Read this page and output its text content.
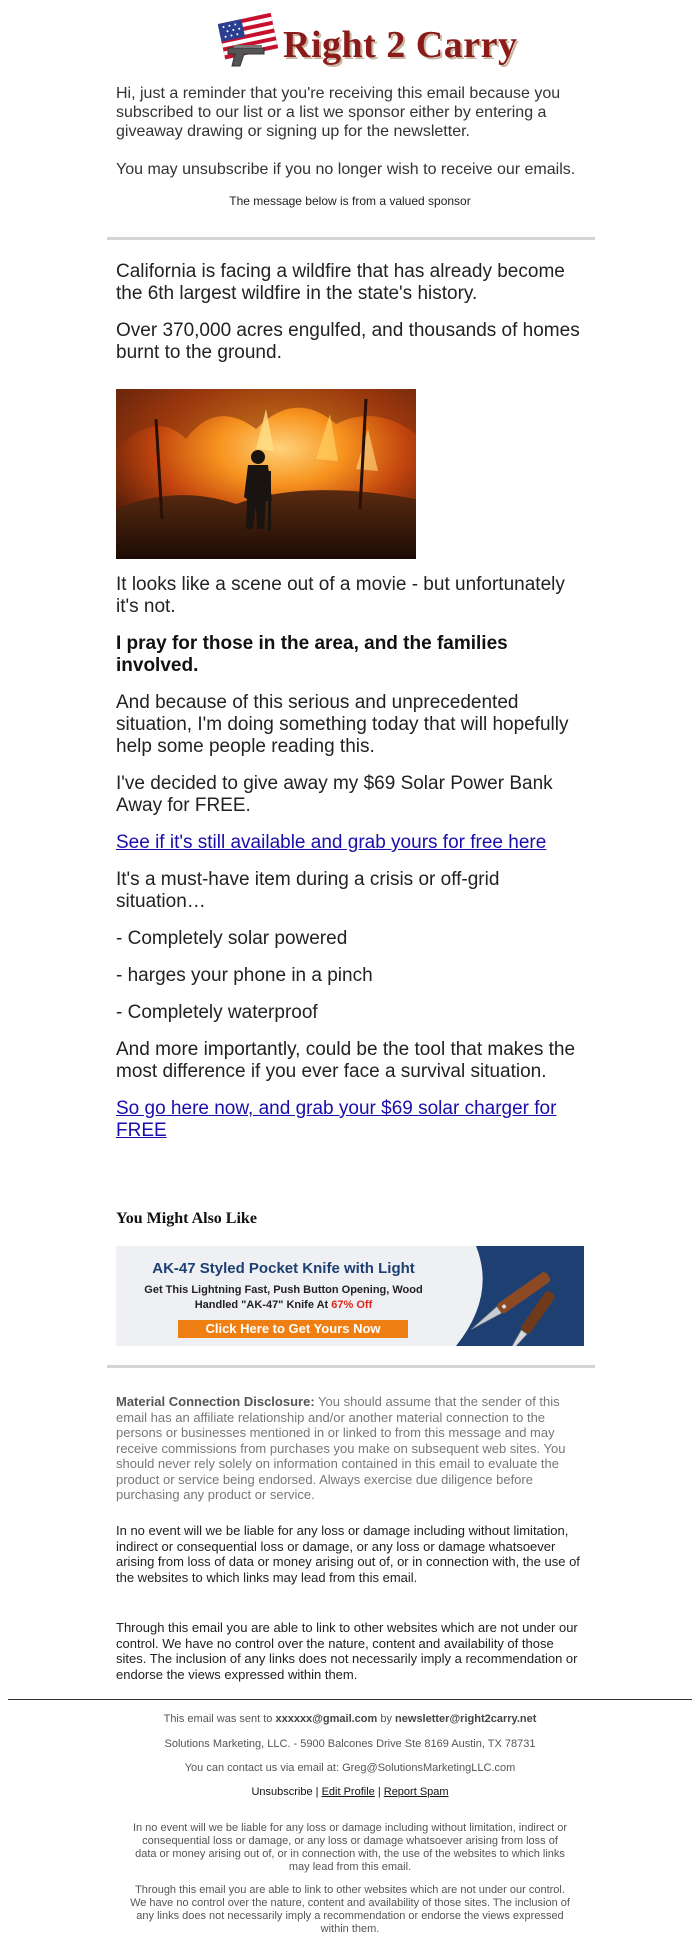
Right 2 Carry

Hi, just a reminder that you're receiving this email because you subscribed to our list or a list we sponsor either by entering a giveaway drawing or signing up for the newsletter.

You may unsubscribe if you no longer wish to receive our emails.

The message below is from a valued sponsor
California is facing a wildfire that has already become the 6th largest wildfire in the state's history.
Over 370,000 acres engulfed, and thousands of homes burnt to the ground.
It looks like a scene out of a movie - but unfortunately it's not.
I pray for those in the area, and the families involved.
And because of this serious and unprecedented situation, I'm doing something today that will hopefully help some people reading this.
I've decided to give away my $69 Solar Power Bank Away for FREE.
See if it's still available and grab yours for free here
It's a must-have item during a crisis or off-grid situation…
- Completely solar powered
- harges your phone in a pinch
- Completely waterproof
And more importantly, could be the tool that makes the most difference if you ever face a survival situation.
So go here now, and grab your $69 solar charger for FREE
You Might Also Like
AK-47 Styled Pocket Knife with Light
Get This Lightning Fast, Push Button Opening, Wood
Handled "AK-47" Knife At 67% Off
Click Here to Get Yours Now
Material Connection Disclosure: You should assume that the sender of this email has an affiliate relationship and/or another material connection to the persons or businesses mentioned in or linked to from this message and may receive commissions from purchases you make on subsequent web sites. You should never rely solely on information contained in this email to evaluate the product or service being endorsed. Always exercise due diligence before purchasing any product or service.
In no event will we be liable for any loss or damage including without limitation, indirect or consequential loss or damage, or any loss or damage whatsoever arising from loss of data or money arising out of, or in connection with, the use of the websites to which links may lead from this email.
Through this email you are able to link to other websites which are not under our control. We have no control over the nature, content and availability of those sites. The inclusion of any links does not necessarily imply a recommendation or endorse the views expressed within them.
This email was sent to xxxxxx@gmail.com by newsletter@right2carry.net
Solutions Marketing, LLC. - 5900 Balcones Drive Ste 8169 Austin, TX 78731
You can contact us via email at: Greg@SolutionsMarketingLLC.com
Unsubscribe | Edit Profile | Report Spam
In no event will we be liable for any loss or damage including without limitation, indirect or consequential loss or damage, or any loss or damage whatsoever arising from loss of data or money arising out of, or in connection with, the use of the websites to which links may lead from this email.
Through this email you are able to link to other websites which are not under our control. We have no control over the nature, content and availability of those sites. The inclusion of any links does not necessarily imply a recommendation or endorse the views expressed within them.
